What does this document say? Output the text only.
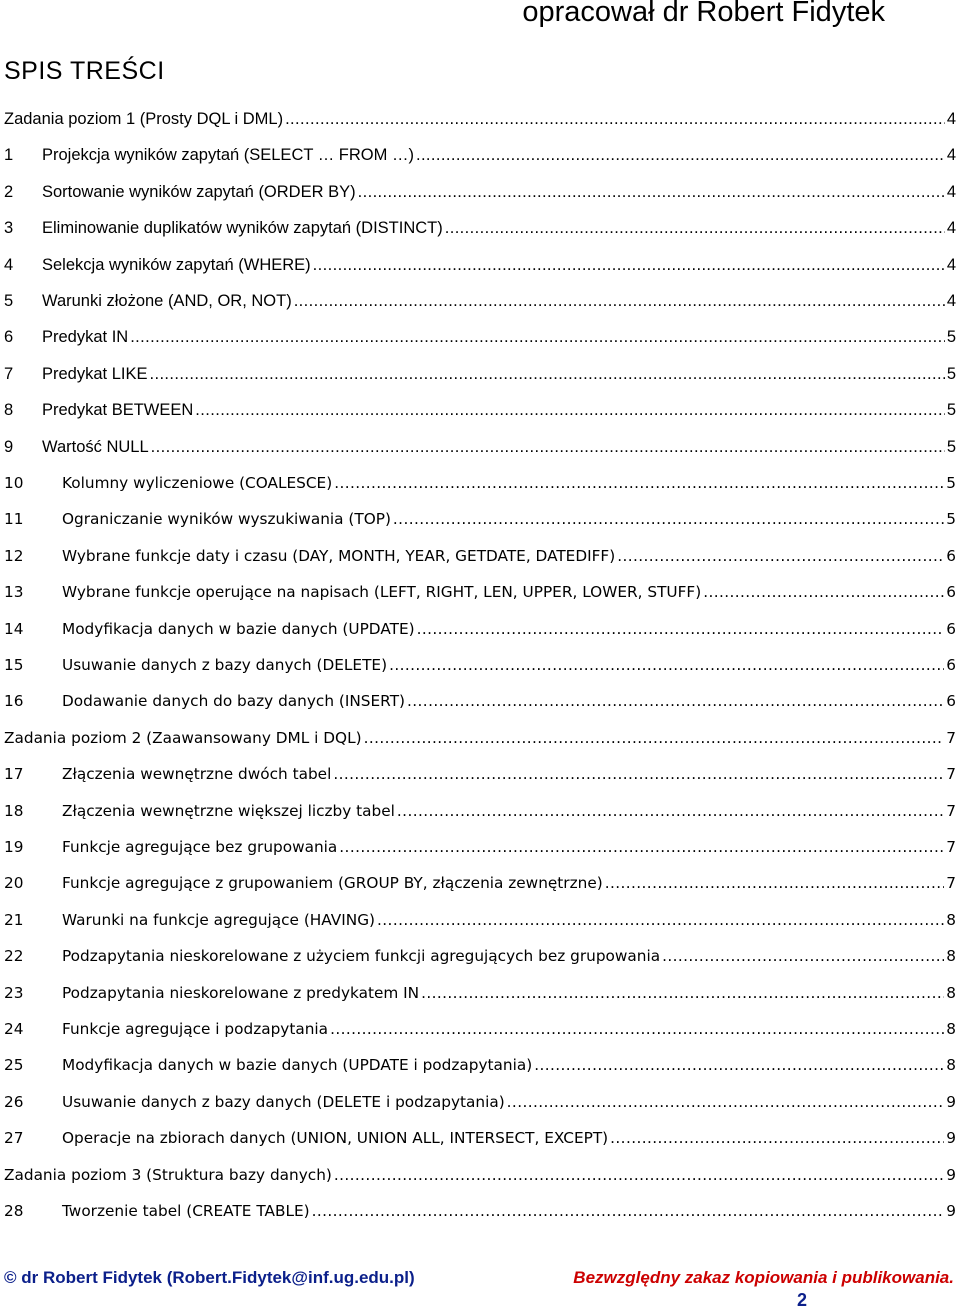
opracował dr Robert Fidytek
SPIS TREŚCI
Zadania poziom 1 (Prosty DQL i DML) .....	4
1	Projekcja wyników zapytań (SELECT … FROM …) .....	4
2	Sortowanie wyników zapytań (ORDER BY) .....	4
3	Eliminowanie duplikatów wyników zapytań (DISTINCT) .....	4
4	Selekcja wyników zapytań (WHERE) .....	4
5	Warunki złożone (AND, OR, NOT) .....	4
6	Predykat IN .....	5
7	Predykat LIKE .....	5
8	Predykat BETWEEN .....	5
9	Wartość NULL .....	5
10	Kolumny wyliczeniowe (COALESCE) .....	5
11	Ograniczanie wyników wyszukiwania (TOP) .....	5
12	Wybrane funkcje daty i czasu (DAY, MONTH, YEAR, GETDATE, DATEDIFF) .....	6
13	Wybrane funkcje operujące na napisach (LEFT, RIGHT, LEN, UPPER, LOWER, STUFF) .....	6
14	Modyfikacja danych w bazie danych (UPDATE) .....	6
15	Usuwanie danych z bazy danych (DELETE) .....	6
16	Dodawanie danych do bazy danych (INSERT) .....	6
Zadania poziom 2 (Zaawansowany DML i DQL) .....	7
17	Złączenia wewnętrzne dwóch tabel .....	7
18	Złączenia wewnętrzne większej liczby tabel .....	7
19	Funkcje agregujące bez grupowania .....	7
20	Funkcje agregujące z grupowaniem (GROUP BY, złączenia zewnętrzne) .....	7
21	Warunki na funkcje agregujące (HAVING) .....	8
22	Podzapytania nieskorelowane z użyciem funkcji agregujących bez grupowania .....	8
23	Podzapytania nieskorelowane z predykatem IN .....	8
24	Funkcje agregujące i podzapytania .....	8
25	Modyfikacja danych w bazie danych (UPDATE i podzapytania) .....	8
26	Usuwanie danych z bazy danych (DELETE i podzapytania) .....	9
27	Operacje na zbiorach danych (UNION, UNION ALL, INTERSECT, EXCEPT) .....	9
Zadania poziom 3 (Struktura bazy danych) .....	9
28	Tworzenie tabel (CREATE TABLE) .....	9
© dr Robert Fidytek (Robert.Fidytek@inf.ug.edu.pl)	Bezwzględny zakaz kopiowania i publikowania.
2
